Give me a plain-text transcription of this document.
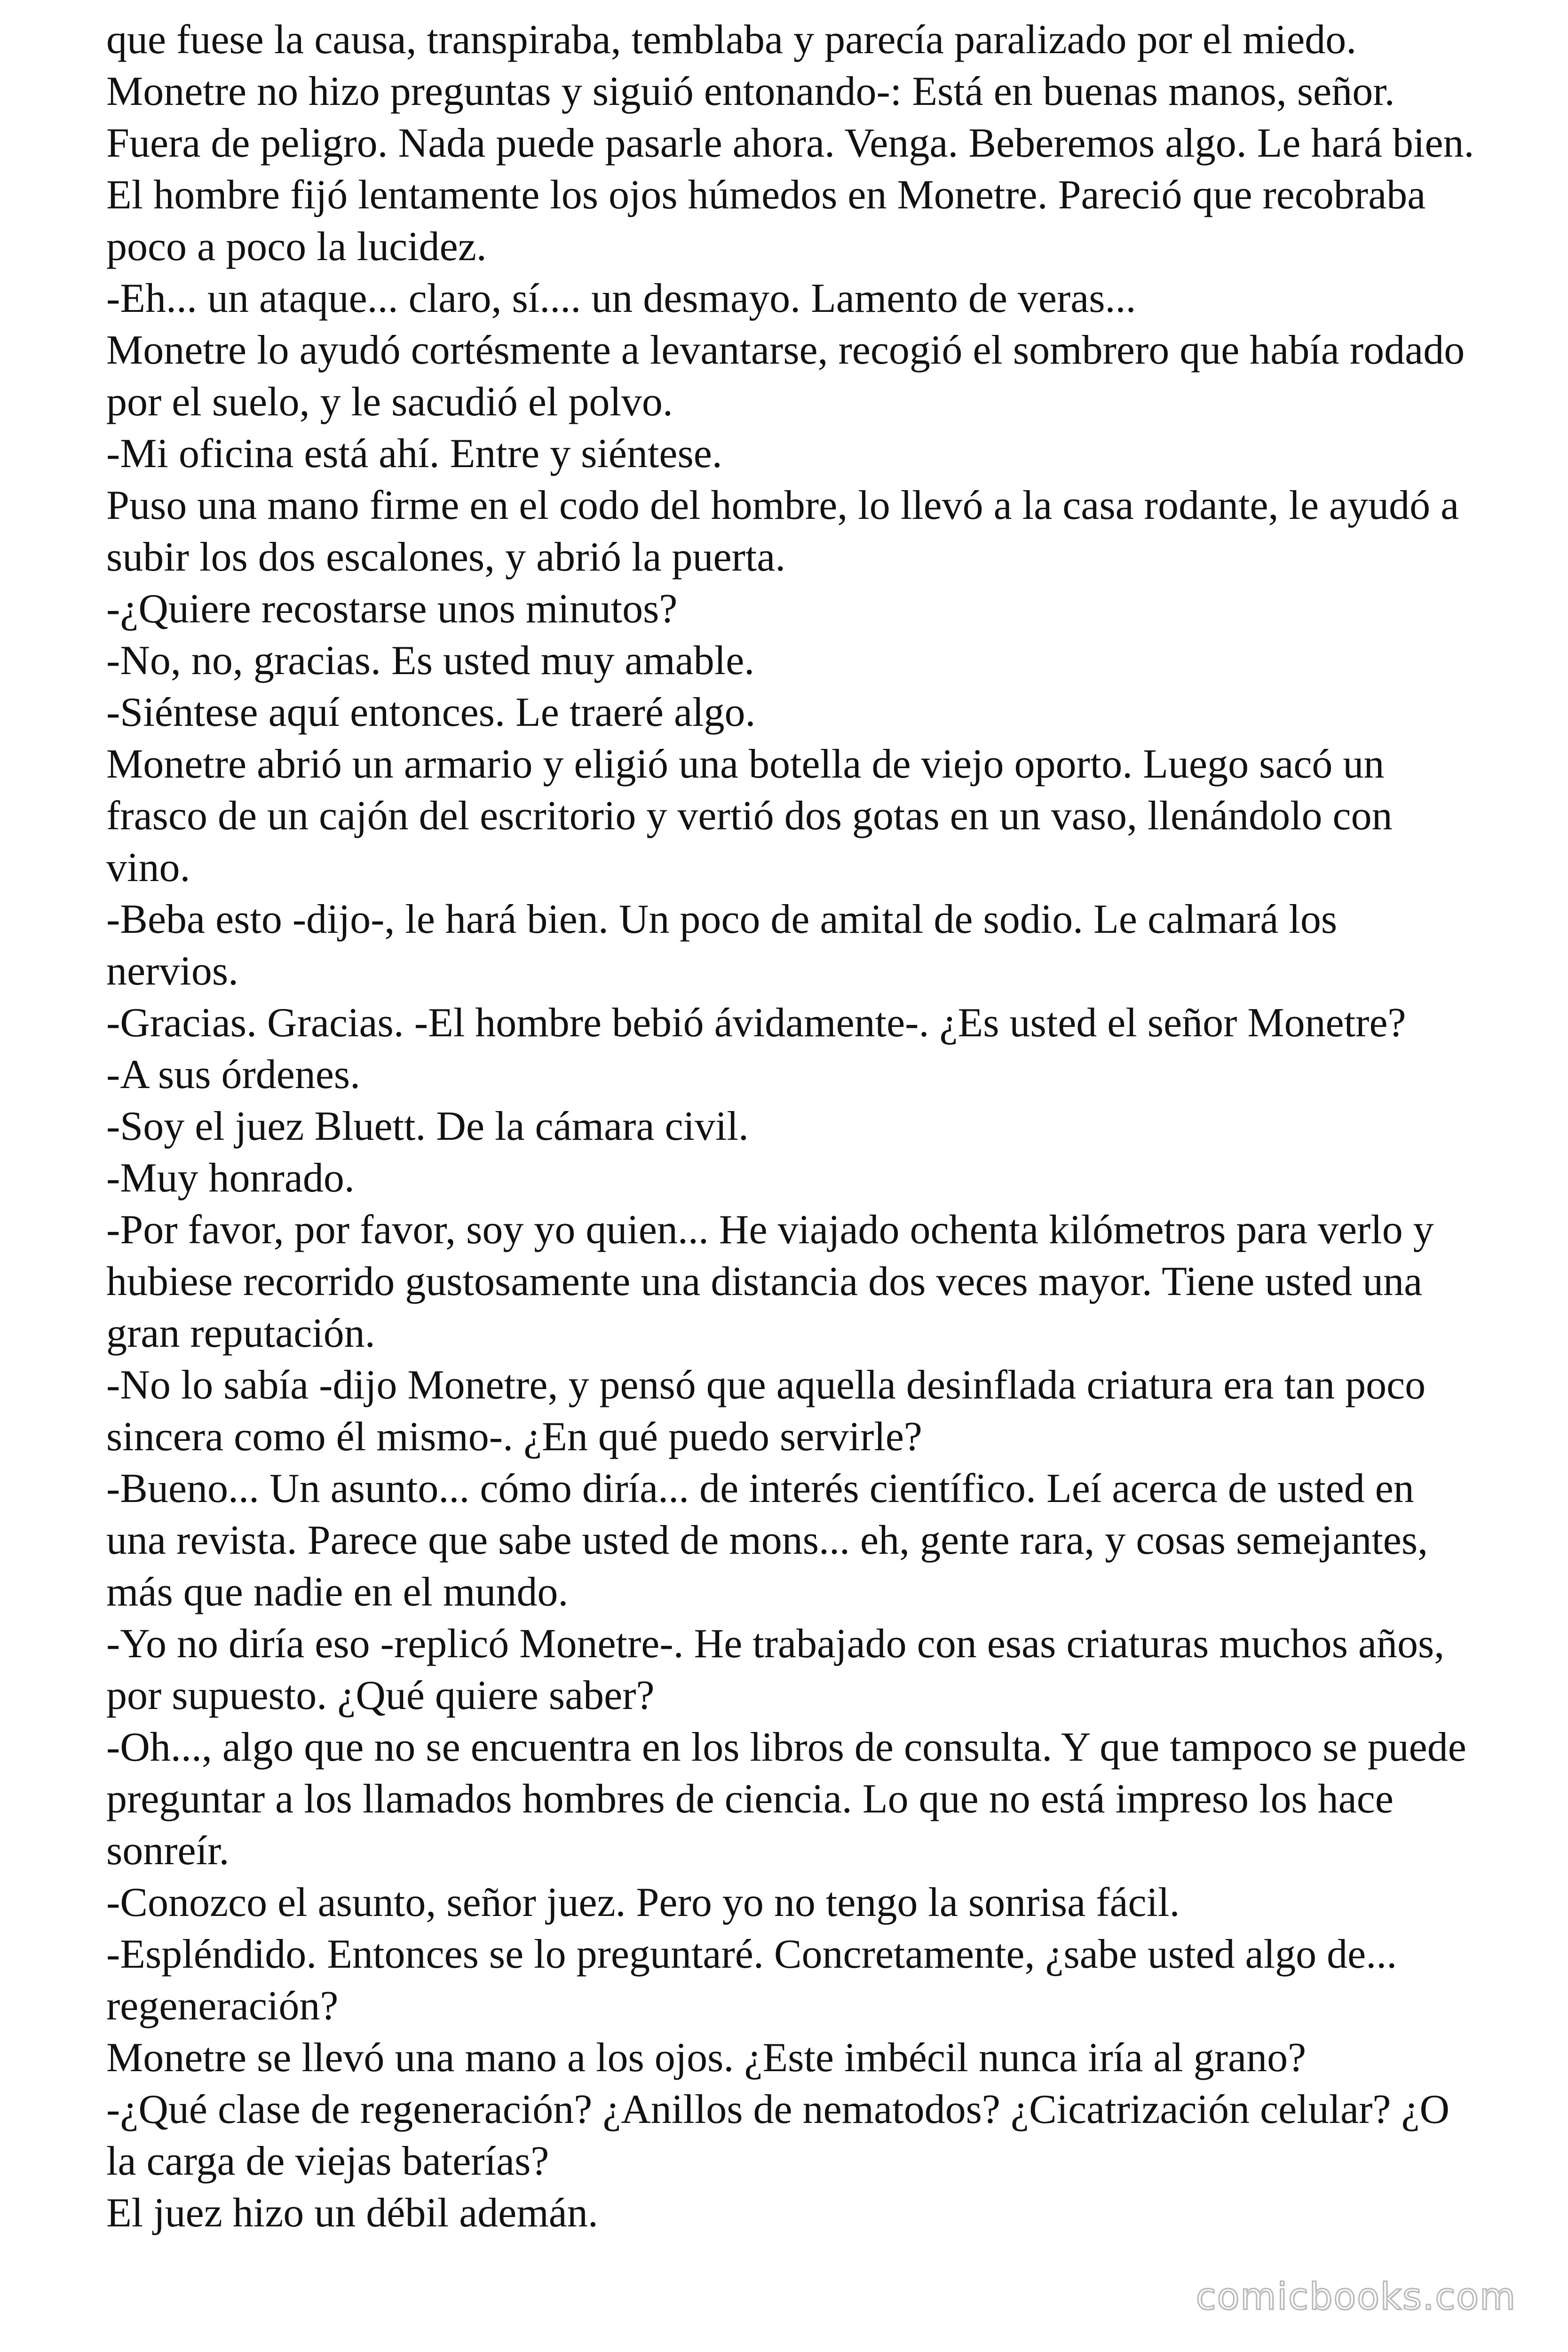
que fuese la causa, transpiraba, temblaba y parecía paralizado por el miedo.

Monetre no hizo preguntas y siguió entonando-: Está en buenas manos, señor. Fuera de peligro. Nada puede pasarle ahora. Venga. Beberemos algo. Le hará bien.

El hombre fijó lentamente los ojos húmedos en Monetre. Pareció que recobraba poco a poco la lucidez.

-Eh... un ataque... claro, sí.... un desmayo. Lamento de veras...

Monetre lo ayudó cortésmente a levantarse, recogió el sombrero que había rodado por el suelo, y le sacudió el polvo.

-Mi oficina está ahí. Entre y siéntese.

Puso una mano firme en el codo del hombre, lo llevó a la casa rodante, le ayudó a subir los dos escalones, y abrió la puerta.

-¿Quiere recostarse unos minutos?

-No, no, gracias. Es usted muy amable.

-Siéntese aquí entonces. Le traeré algo.

Monetre abrió un armario y eligió una botella de viejo oporto. Luego sacó un frasco de un cajón del escritorio y vertió dos gotas en un vaso, llenándolo con vino.

-Beba esto -dijo-, le hará bien. Un poco de amital de sodio. Le calmará los nervios.

-Gracias. Gracias. -El hombre bebió ávidamente-. ¿Es usted el señor Monetre?

-A sus órdenes.

-Soy el juez Bluett. De la cámara civil.

-Muy honrado.

-Por favor, por favor, soy yo quien... He viajado ochenta kilómetros para verlo y hubiese recorrido gustosamente una distancia dos veces mayor. Tiene usted una gran reputación.

-No lo sabía -dijo Monetre, y pensó que aquella desinflada criatura era tan poco sincera como él mismo-. ¿En qué puedo servirle?

-Bueno... Un asunto... cómo diría... de interés científico. Leí acerca de usted en una revista. Parece que sabe usted de mons... eh, gente rara, y cosas semejantes, más que nadie en el mundo.

-Yo no diría eso -replicó Monetre-. He trabajado con esas criaturas muchos años, por supuesto. ¿Qué quiere saber?

-Oh..., algo que no se encuentra en los libros de consulta. Y que tampoco se puede preguntar a los llamados hombres de ciencia. Lo que no está impreso los hace sonreír.

-Conozco el asunto, señor juez. Pero yo no tengo la sonrisa fácil.

-Espléndido. Entonces se lo preguntaré. Concretamente, ¿sabe usted algo de... regeneración?

Monetre se llevó una mano a los ojos. ¿Este imbécil nunca iría al grano?

-¿Qué clase de regeneración? ¿Anillos de nematodos? ¿Cicatrización celular? ¿O la carga de viejas baterías?

El juez hizo un débil ademán.

comicbooks.com
